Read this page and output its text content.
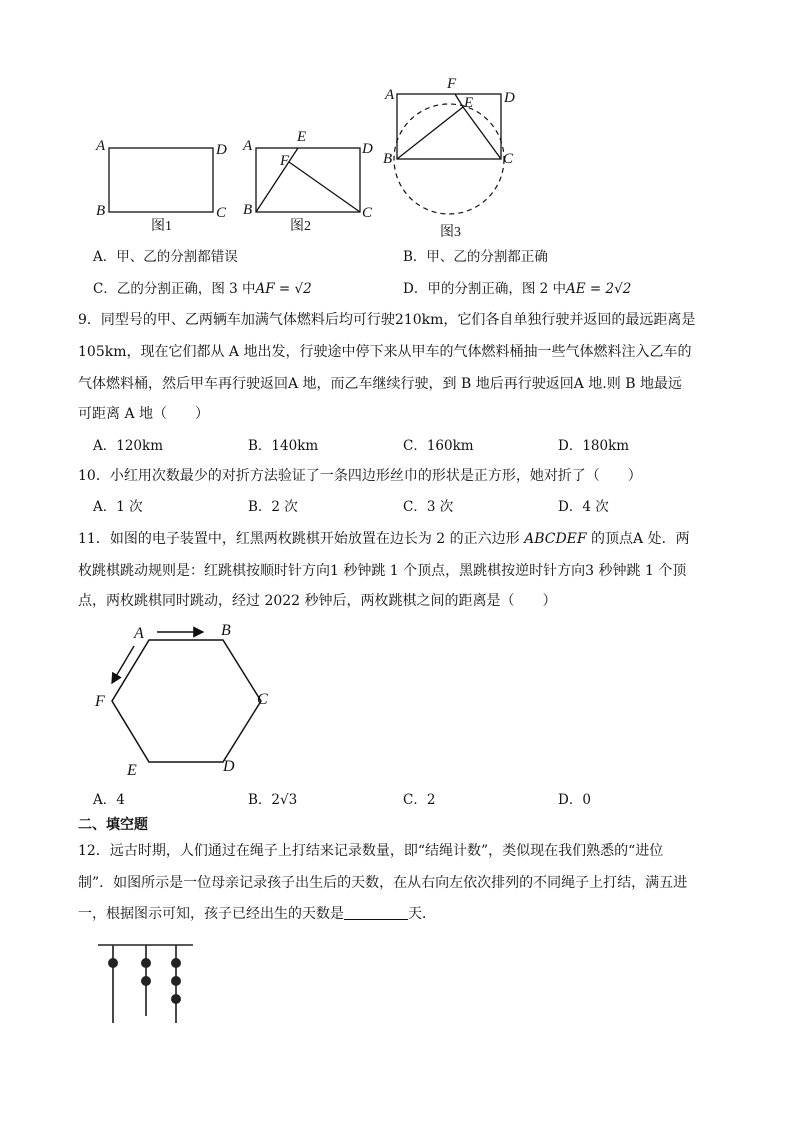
A
B	C
D
图1
A
B	C
D
E
F
图2
A
B	C
D
E
F
图3
A．甲、乙的分割都错误	B．甲、乙的分割都正确
C．乙的分割正确，图 3 中AF = √2	D．甲的分割正确，图 2 中AE = 2√2
9．同型号的甲、乙两辆车加满气体燃料后均可行驶210km，它们各自单独行驶并返回的最远距离是
105km，现在它们都从 A 地出发，行驶途中停下来从甲车的气体燃料桶抽一些气体燃料注入乙车的
气体燃料桶，然后甲车再行驶返回A 地，而乙车继续行驶，到 B 地后再行驶返回A 地.则 B 地最远
可距离 A 地（　　）
A．120km	B．140km	C．160km	D．180km
10．小红用次数最少的对折方法验证了一条四边形丝巾的形状是正方形，她对折了（　　）
A．1 次	B．2 次	C．3 次	D．4 次
11．如图的电子装置中，红黑两枚跳棋开始放置在边长为 2 的正六边形 ABCDEF 的顶点A 处．两
枚跳棋跳动规则是：红跳棋按顺时针方向1 秒钟跳 1 个顶点，黑跳棋按逆时针方向3 秒钟跳 1 个顶
点，两枚跳棋同时跳动，经过 2022 秒钟后，两枚跳棋之间的距离是（　　）
A	B
C
D
E
F
A．4	B．2√3	C．2	D．0
二、填空题
12．远古时期，人们通过在绳子上打结来记录数量，即“结绳计数”，类似现在我们熟悉的“进位
制”．如图所示是一位母亲记录孩子出生后的天数，在从右向左依次排列的不同绳子上打结，满五进
一，根据图示可知，孩子已经出生的天数是	天．
